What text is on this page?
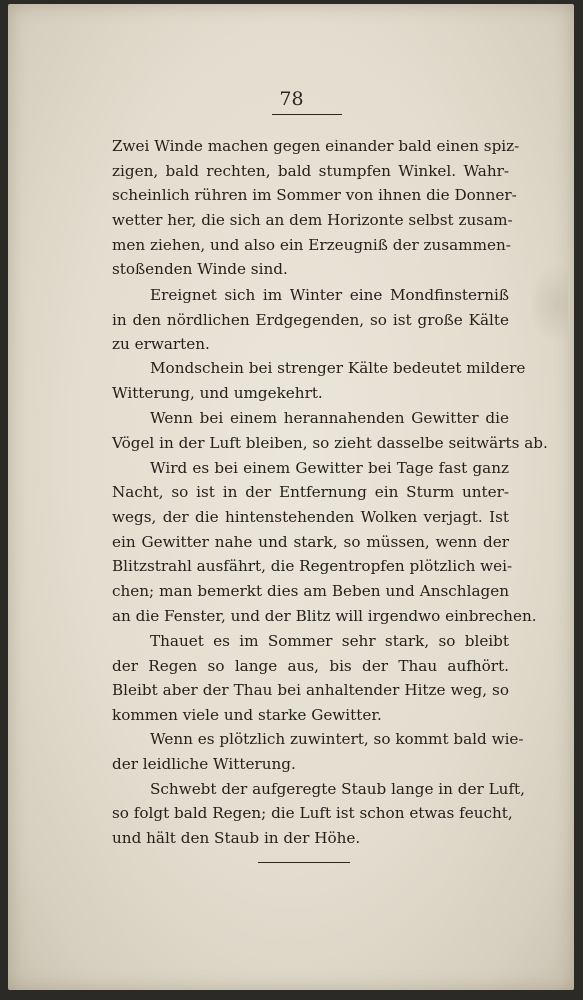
78
Zwei Winde machen gegen einander bald einen spiz-
zigen, bald rechten, bald stumpfen Winkel. Wahr-
scheinlich rühren im Sommer von ihnen die Donner-
wetter her, die sich an dem Horizonte selbst zusam-
men ziehen, und also ein Erzeugniß der zusammen-
stoßenden Winde sind.
Ereignet sich im Winter eine Mondfinsterniß
in den nördlichen Erdgegenden, so ist große Kälte
zu erwarten.
Mondschein bei strenger Kälte bedeutet mildere
Witterung, und umgekehrt.
Wenn bei einem herannahenden Gewitter die
Vögel in der Luft bleiben, so zieht dasselbe seitwärts ab.
Wird es bei einem Gewitter bei Tage fast ganz
Nacht, so ist in der Entfernung ein Sturm unter-
wegs, der die hintenstehenden Wolken verjagt. Ist
ein Gewitter nahe und stark, so müssen, wenn der
Blitzstrahl ausfährt, die Regentropfen plötzlich wei-
chen; man bemerkt dies am Beben und Anschlagen
an die Fenster, und der Blitz will irgendwo einbrechen.
Thauet es im Sommer sehr stark, so bleibt
der Regen so lange aus, bis der Thau aufhört.
Bleibt aber der Thau bei anhaltender Hitze weg, so
kommen viele und starke Gewitter.
Wenn es plötzlich zuwintert, so kommt bald wie-
der leidliche Witterung.
Schwebt der aufgeregte Staub lange in der Luft,
so folgt bald Regen; die Luft ist schon etwas feucht,
und hält den Staub in der Höhe.
